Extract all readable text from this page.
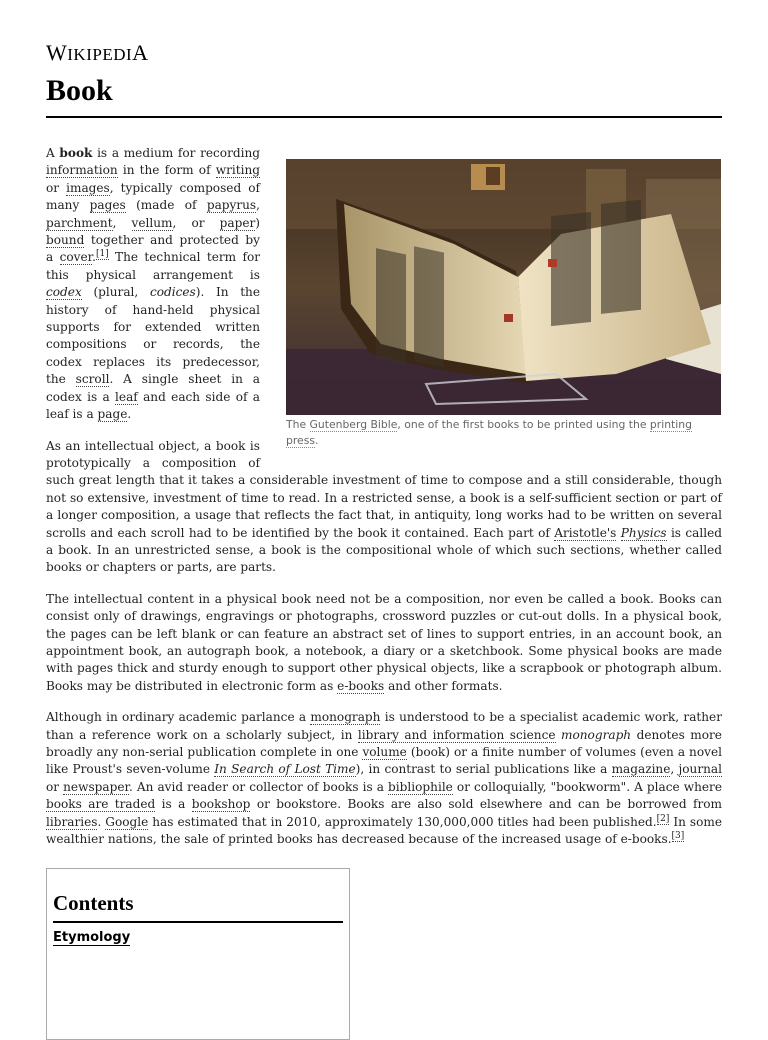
WIKIPEDIA
Book
The Gutenberg Bible, one of the first books to be printed using the printing press.

A book is a medium for recording information in the form of writing or images, typically composed of many pages (made of papyrus, parchment, vellum, or paper) bound together and protected by a cover.[1] The technical term for this physical arrangement is codex (plural, codices). In the history of hand-held physical supports for extended written compositions or records, the codex replaces its predecessor, the scroll. A single sheet in a codex is a leaf and each side of a leaf is a page.

As an intellectual object, a book is prototypically a composition of such great length that it takes a considerable investment of time to compose and a still considerable, though not so extensive, investment of time to read. In a restricted sense, a book is a self-sufficient section or part of a longer composition, a usage that reflects the fact that, in antiquity, long works had to be written on several scrolls and each scroll had to be identified by the book it contained. Each part of Aristotle's Physics is called a book. In an unrestricted sense, a book is the compositional whole of which such sections, whether called books or chapters or parts, are parts.

The intellectual content in a physical book need not be a composition, nor even be called a book. Books can consist only of drawings, engravings or photographs, crossword puzzles or cut-out dolls. In a physical book, the pages can be left blank or can feature an abstract set of lines to support entries, in an account book, an appointment book, an autograph book, a notebook, a diary or a sketchbook. Some physical books are made with pages thick and sturdy enough to support other physical objects, like a scrapbook or photograph album. Books may be distributed in electronic form as e-books and other formats.

Although in ordinary academic parlance a monograph is understood to be a specialist academic work, rather than a reference work on a scholarly subject, in library and information science monograph denotes more broadly any non-serial publication complete in one volume (book) or a finite number of volumes (even a novel like Proust's seven-volume In Search of Lost Time), in contrast to serial publications like a magazine, journal or newspaper. An avid reader or collector of books is a bibliophile or colloquially, "bookworm". A place where books are traded is a bookshop or bookstore. Books are also sold elsewhere and can be borrowed from libraries. Google has estimated that in 2010, approximately 130,000,000 titles had been published.[2] In some wealthier nations, the sale of printed books has decreased because of the increased usage of e-books.[3]

Contents
Etymology
